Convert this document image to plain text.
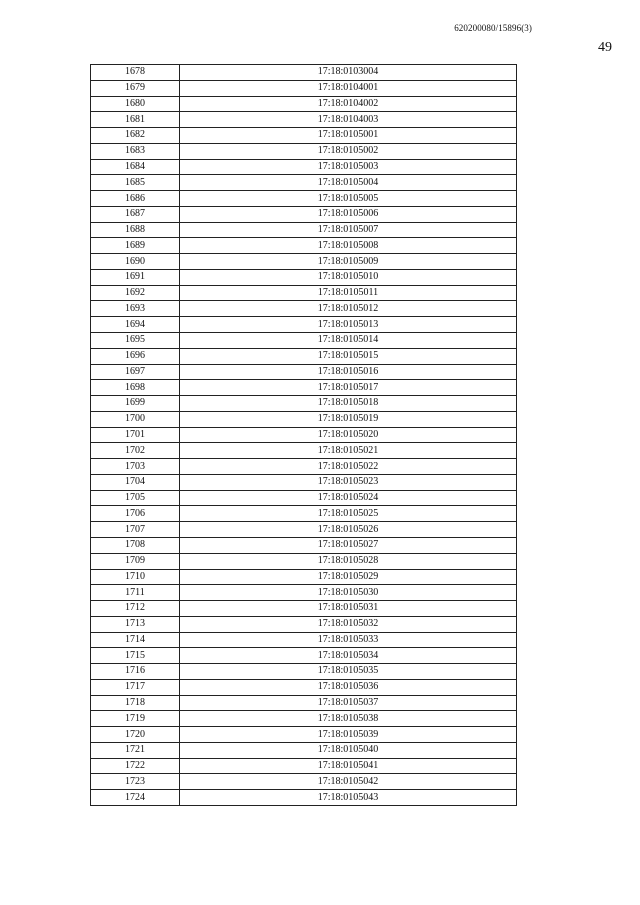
620200080/15896(3)
49
1678	17:18:0103004
1679	17:18:0104001
1680	17:18:0104002
1681	17:18:0104003
1682	17:18:0105001
1683	17:18:0105002
1684	17:18:0105003
1685	17:18:0105004
1686	17:18:0105005
1687	17:18:0105006
1688	17:18:0105007
1689	17:18:0105008
1690	17:18:0105009
1691	17:18:0105010
1692	17:18:0105011
1693	17:18:0105012
1694	17:18:0105013
1695	17:18:0105014
1696	17:18:0105015
1697	17:18:0105016
1698	17:18:0105017
1699	17:18:0105018
1700	17:18:0105019
1701	17:18:0105020
1702	17:18:0105021
1703	17:18:0105022
1704	17:18:0105023
1705	17:18:0105024
1706	17:18:0105025
1707	17:18:0105026
1708	17:18:0105027
1709	17:18:0105028
1710	17:18:0105029
1711	17:18:0105030
1712	17:18:0105031
1713	17:18:0105032
1714	17:18:0105033
1715	17:18:0105034
1716	17:18:0105035
1717	17:18:0105036
1718	17:18:0105037
1719	17:18:0105038
1720	17:18:0105039
1721	17:18:0105040
1722	17:18:0105041
1723	17:18:0105042
1724	17:18:0105043
